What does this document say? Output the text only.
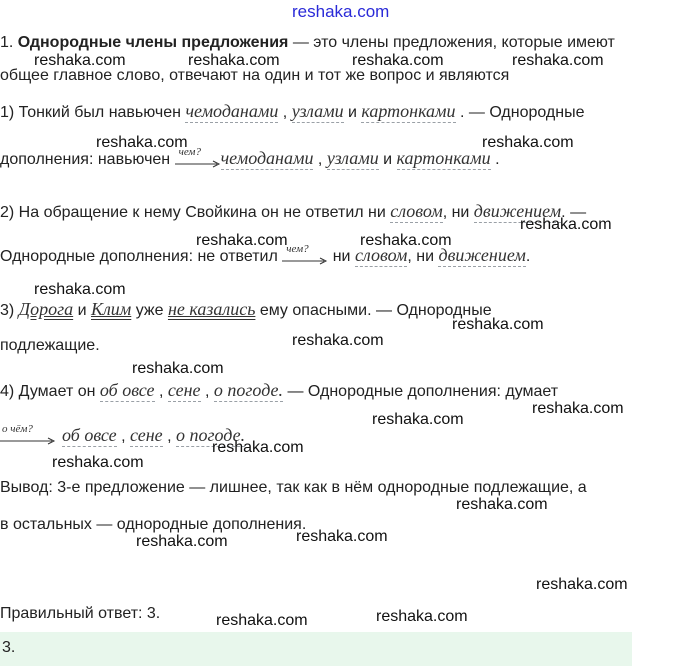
reshaka.com
1. Однородные члены предложения — это члены предложения, которые имеют
общее главное слово, отвечают на один и тот же вопрос и являются
1) Тонкий был навьючен чемоданами , узлами и картонками . — Однородные
дополнения: навьючен чем? чемоданами , узлами и картонками .
2) На обращение к нему Свойкина он не ответил ни словом, ни движением. —
Однородные дополнения: не ответил чем? ни словом, ни движением.
3) Дорога и Клим уже не казались ему опасными. — Однородные
подлежащие.
4) Думает он об овсе , сене , о погоде. — Однородные дополнения: думает
о чём? об овсе , сене , о погоде.
Вывод: 3-е предложение — лишнее, так как в нём однородные подлежащие, а
в остальных — однородные дополнения.
Правильный ответ: 3.
3.
reshaka.com	reshaka.com	reshaka.com	reshaka.com
reshaka.com	reshaka.com
reshaka.com
reshaka.com	reshaka.com
reshaka.com
reshaka.com
reshaka.com
reshaka.com
reshaka.com
reshaka.com
reshaka.com
reshaka.com
reshaka.com
reshaka.com
reshaka.com
reshaka.com
reshaka.com
reshaka.com
